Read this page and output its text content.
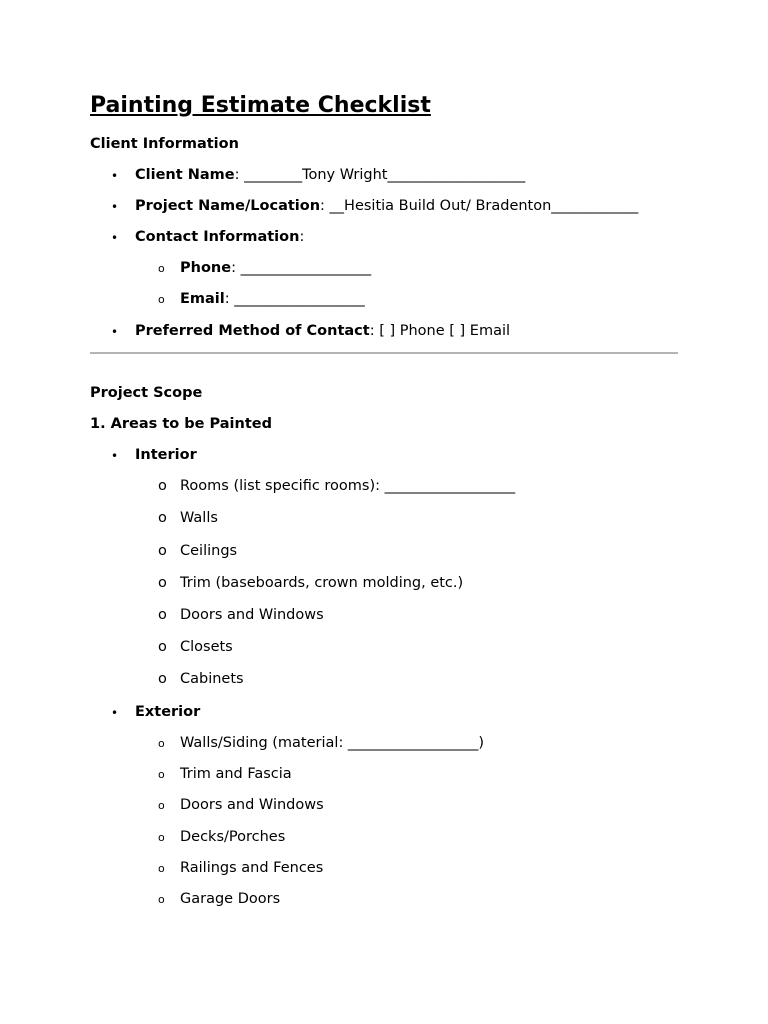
Painting Estimate Checklist
Client Information
• Client Name: ________Tony Wright___________________
• Project Name/Location: __Hesitia Build Out/ Bradenton____________
• Contact Information:
o Phone: __________________
o Email: __________________
• Preferred Method of Contact: [ ] Phone [ ] Email
Project Scope
1. Areas to be Painted
• Interior
o Rooms (list specific rooms): __________________
o Walls
o Ceilings
o Trim (baseboards, crown molding, etc.)
o Doors and Windows
o Closets
o Cabinets
• Exterior
o Walls/Siding (material: __________________)
o Trim and Fascia
o Doors and Windows
o Decks/Porches
o Railings and Fences
o Garage Doors
